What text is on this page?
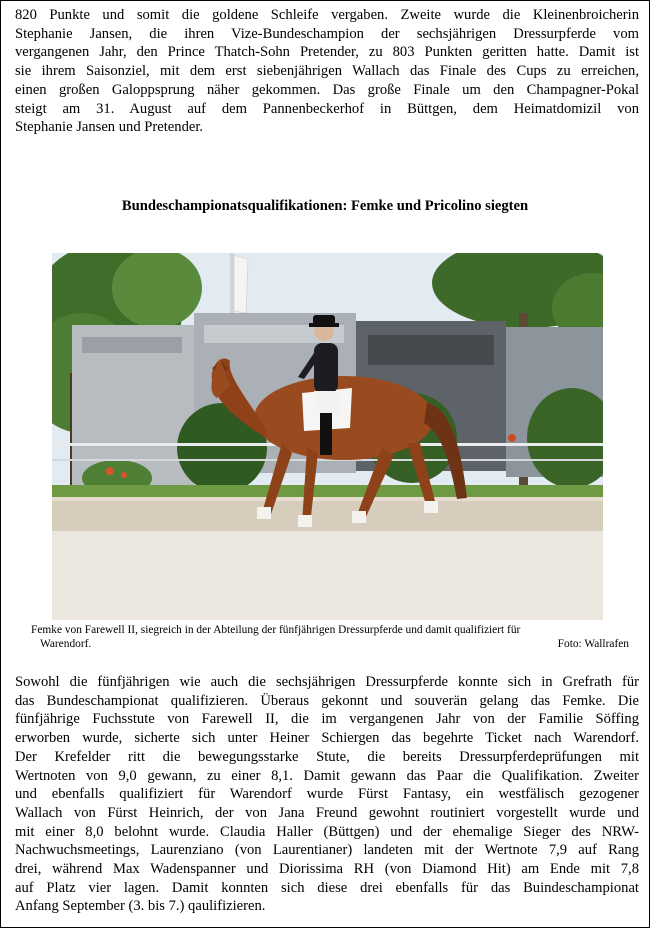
820 Punkte und somit die goldene Schleife vergaben. Zweite wurde die Kleinenbroicherin
Stephanie Jansen, die ihren Vize-Bundeschampion der sechsjährigen Dressurpferde vom
vergangenen Jahr, den Prince Thatch-Sohn Pretender, zu 803 Punkten geritten hatte. Damit ist
sie ihrem Saisonziel, mit dem erst siebenjährigen Wallach das Finale des Cups zu erreichen,
einen großen Galoppsprung näher gekommen. Das große Finale um den Champagner-Pokal
steigt am 31. August auf dem Pannenbeckerhof in Büttgen, dem Heimatdomizil von
Stephanie Jansen und Pretender.
Bundeschampionatsqualifikationen: Femke und Pricolino siegten
Femke von Farewell II, siegreich in der Abteilung der fünfjährigen Dressurpferde und damit qualifiziert für
Warendorf.	Foto: Wallrafen
Sowohl die fünfjährigen wie auch die sechsjährigen Dressurpferde konnte sich in Grefrath für
das Bundeschampionat qualifizieren. Überaus gekonnt und souverän gelang das Femke. Die
fünfjährige Fuchsstute von Farewell II, die im vergangenen Jahr von der Familie Söffing
erworben wurde, sicherte sich unter Heiner Schiergen das begehrte Ticket nach Warendorf.
Der Krefelder ritt die bewegungsstarke Stute, die bereits Dressurpferdeprüfungen mit
Wertnoten von 9,0 gewann, zu einer 8,1. Damit gewann das Paar die Qualifikation. Zweiter
und ebenfalls qualifiziert für Warendorf wurde Fürst Fantasy, ein westfälisch gezogener
Wallach von Fürst Heinrich, der von Jana Freund gewohnt routiniert vorgestellt wurde und
mit einer 8,0 belohnt wurde. Claudia Haller (Büttgen) und der ehemalige Sieger des NRW-
Nachwuchsmeetings, Laurenziano (von Laurentianer) landeten mit der Wertnote 7,9 auf Rang
drei, während Max Wadenspanner und Diorissima RH (von Diamond Hit) am Ende mit 7,8
auf Platz vier lagen. Damit konnten sich diese drei ebenfalls für das Buindeschampionat
Anfang September (3. bis 7.) qaulifizieren.
